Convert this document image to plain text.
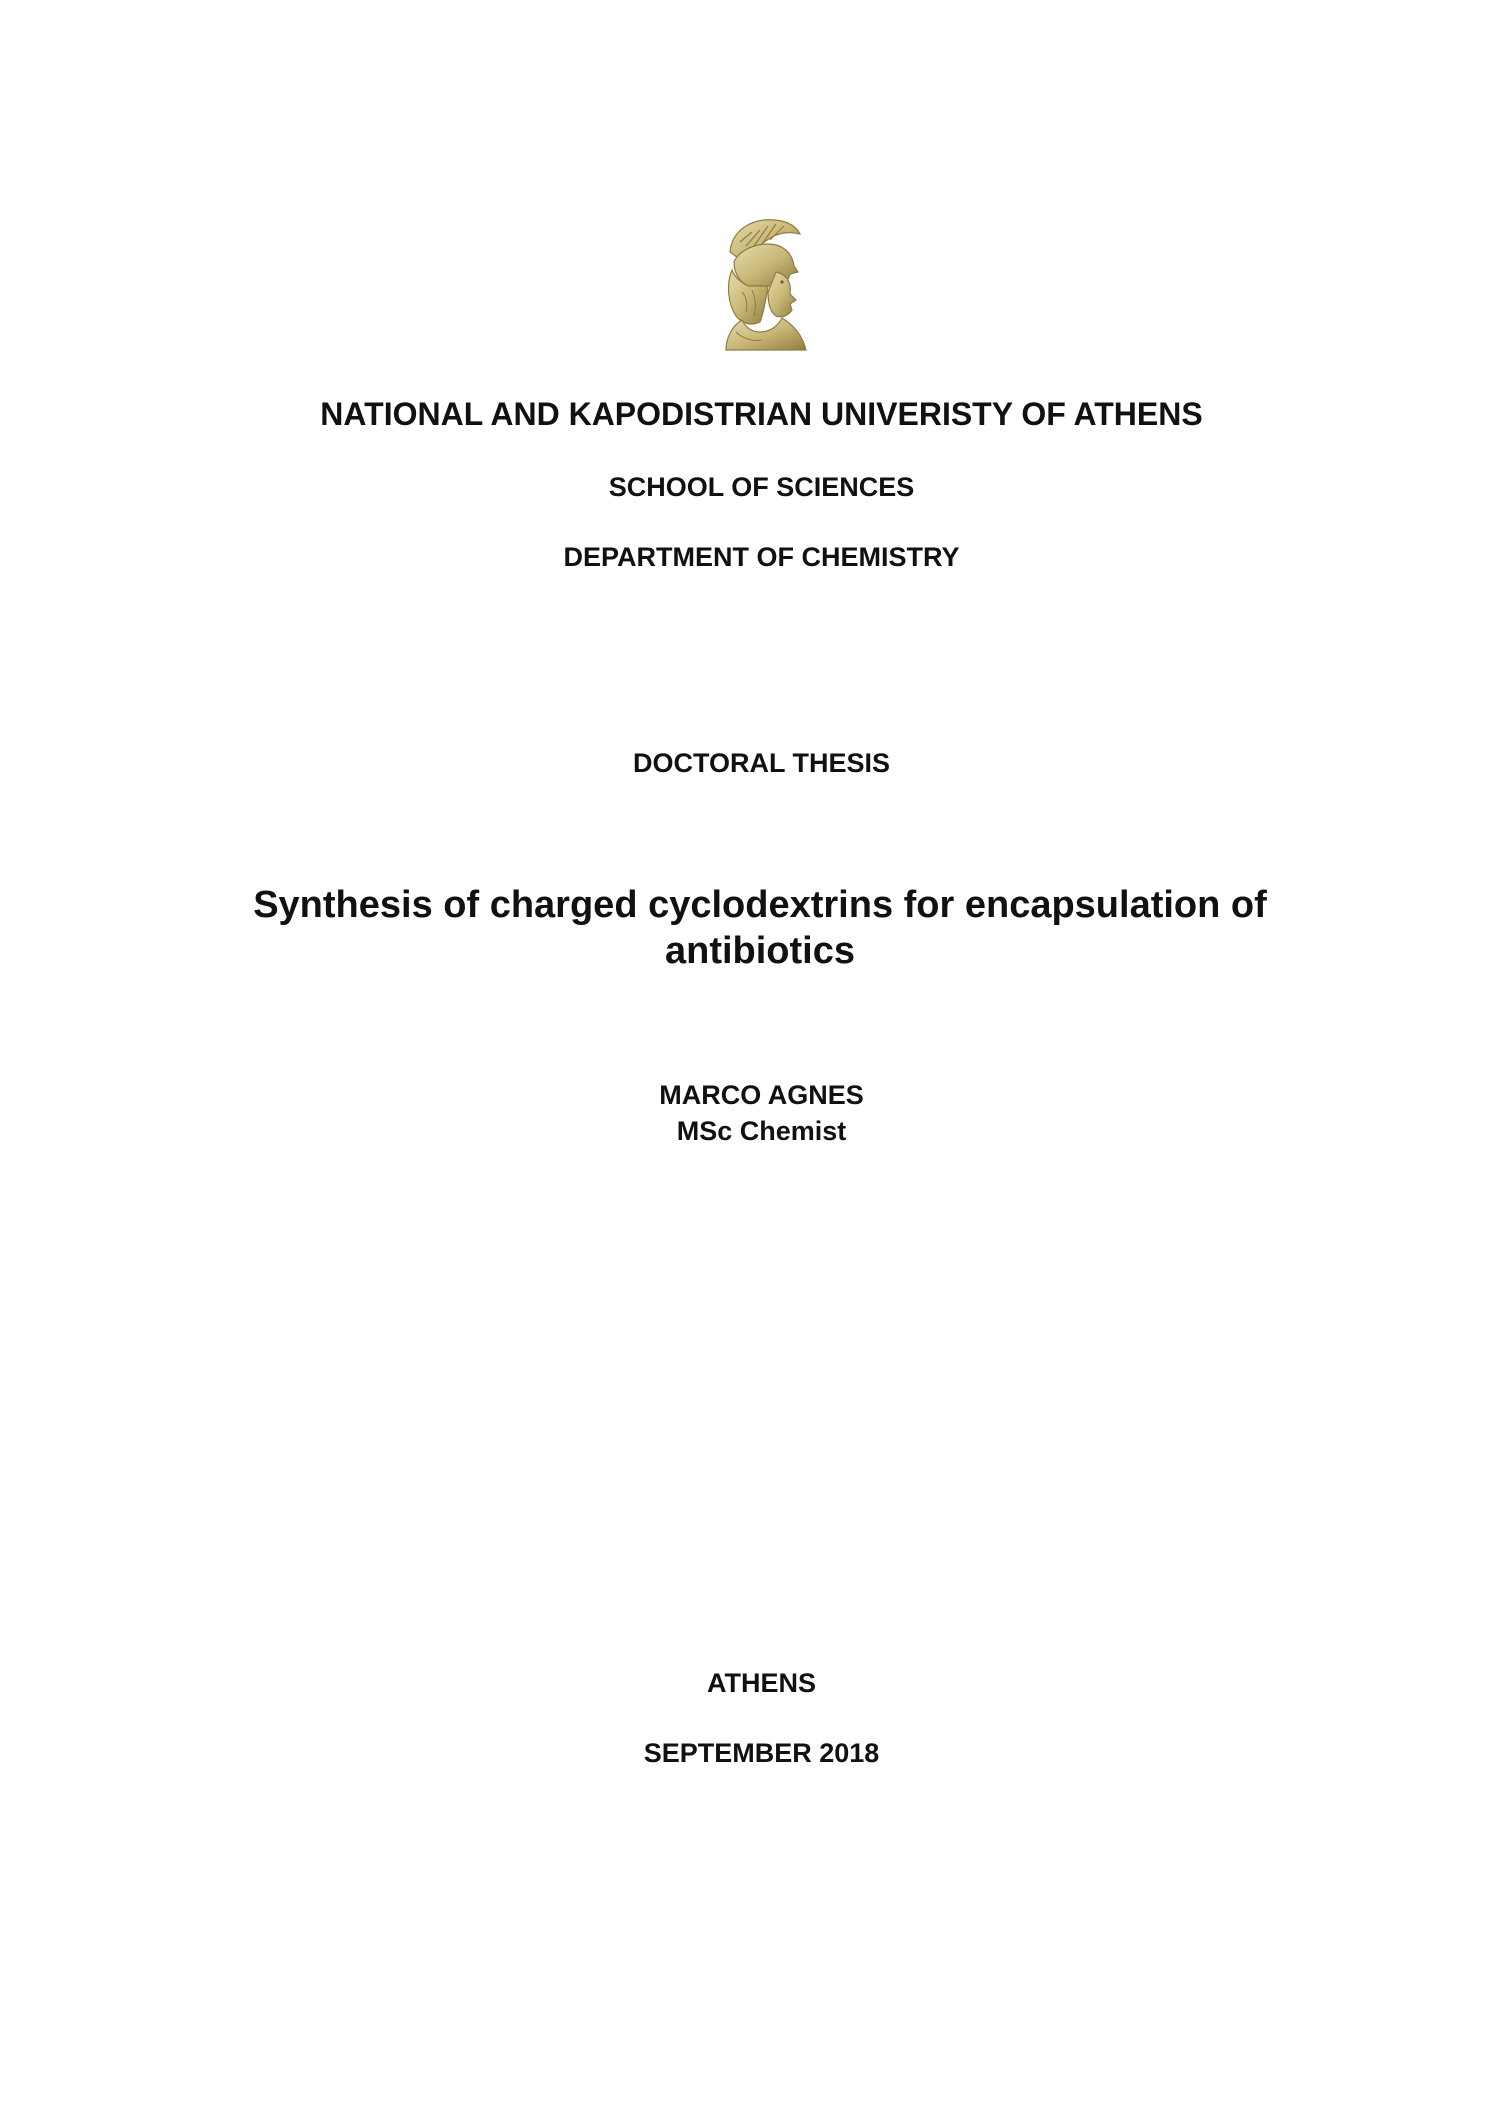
NATIONAL AND KAPODISTRIAN UNIVERISTY OF ATHENS
SCHOOL OF SCIENCES
DEPARTMENT OF CHEMISTRY
DOCTORAL THESIS
Synthesis of charged cyclodextrins for encapsulation of antibiotics
MARCO AGNES
MSc Chemist
ATHENS
SEPTEMBER 2018
